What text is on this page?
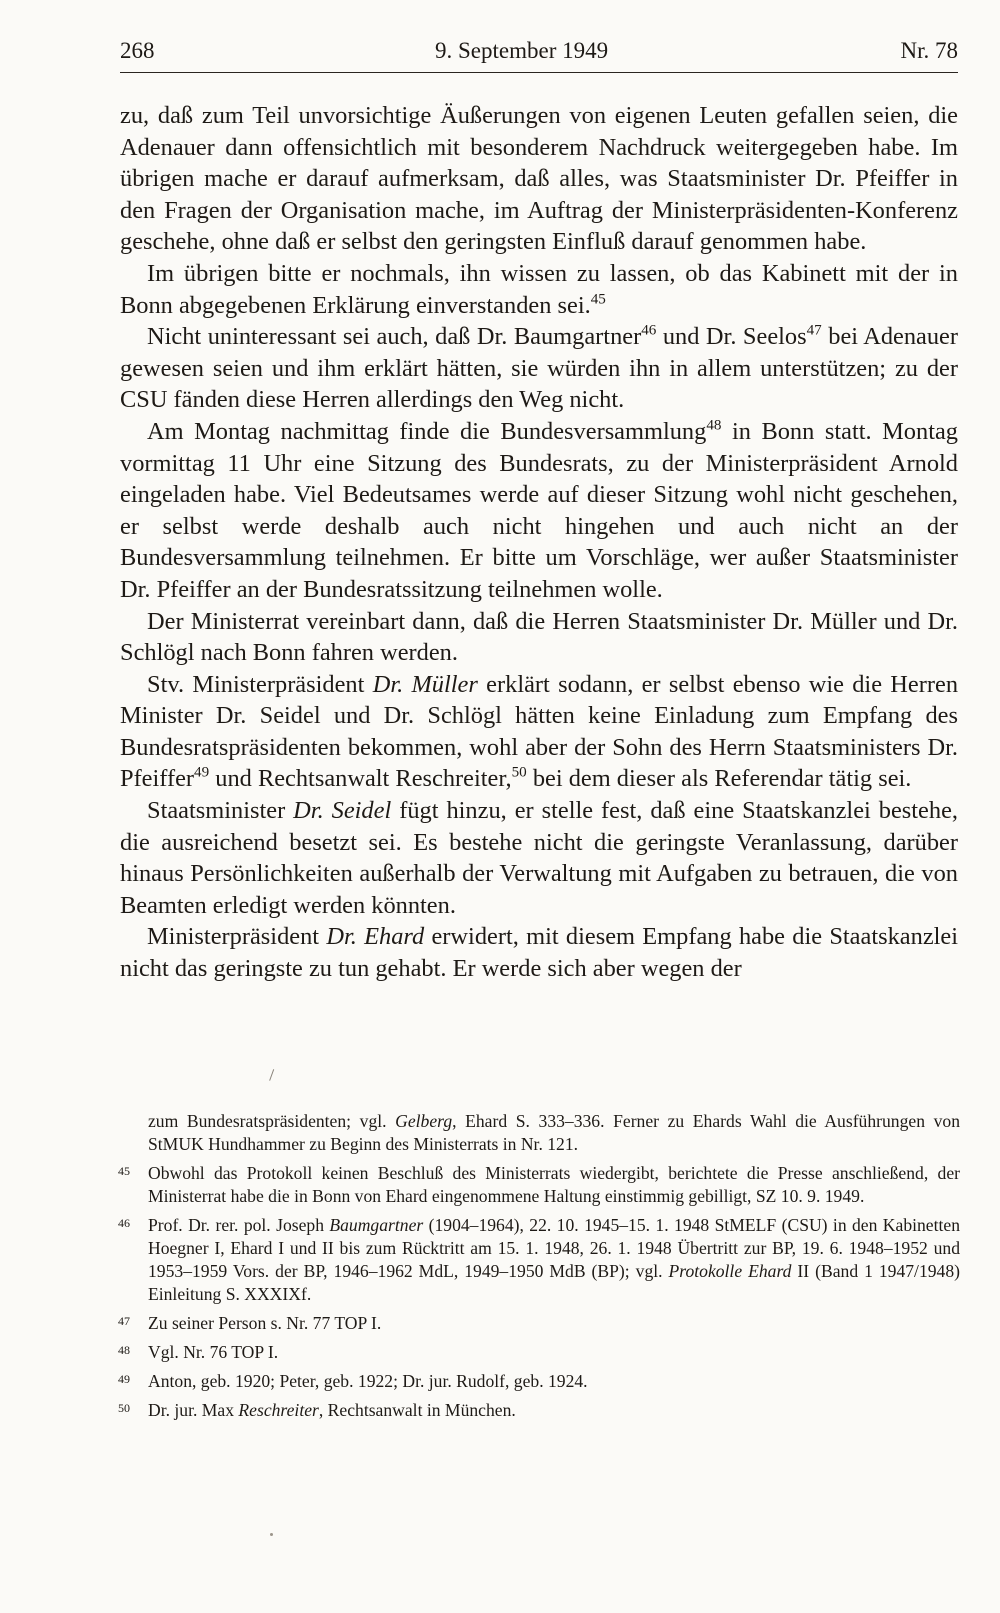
268	9. September 1949	Nr. 78

zu, daß zum Teil unvorsichtige Äußerungen von eigenen Leuten gefallen seien, die Adenauer dann offensichtlich mit besonderem Nachdruck weitergegeben habe. Im übrigen mache er darauf aufmerksam, daß alles, was Staatsminister Dr. Pfeiffer in den Fragen der Organisation mache, im Auftrag der Ministerpräsidenten-Konferenz geschehe, ohne daß er selbst den geringsten Einfluß darauf genommen habe.

Im übrigen bitte er nochmals, ihn wissen zu lassen, ob das Kabinett mit der in Bonn abgegebenen Erklärung einverstanden sei.$^{45}$

Nicht uninteressant sei auch, daß Dr. Baumgartner$^{46}$ und Dr. Seelos$^{47}$ bei Adenauer gewesen seien und ihm erklärt hätten, sie würden ihn in allem unterstützen; zu der CSU fänden diese Herren allerdings den Weg nicht.

Am Montag nachmittag finde die Bundesversammlung$^{48}$ in Bonn statt. Montag vormittag 11 Uhr eine Sitzung des Bundesrats, zu der Ministerpräsident Arnold eingeladen habe. Viel Bedeutsames werde auf dieser Sitzung wohl nicht geschehen, er selbst werde deshalb auch nicht hingehen und auch nicht an der Bundesversammlung teilnehmen. Er bitte um Vorschläge, wer außer Staatsminister Dr. Pfeiffer an der Bundesratssitzung teilnehmen wolle.

Der Ministerrat vereinbart dann, daß die Herren Staatsminister Dr. Müller und Dr. Schlögl nach Bonn fahren werden.

Stv. Ministerpräsident Dr. Müller erklärt sodann, er selbst ebenso wie die Herren Minister Dr. Seidel und Dr. Schlögl hätten keine Einladung zum Empfang des Bundesratspräsidenten bekommen, wohl aber der Sohn des Herrn Staatsministers Dr. Pfeiffer$^{49}$ und Rechtsanwalt Reschreiter,$^{50}$ bei dem dieser als Referendar tätig sei.

Staatsminister Dr. Seidel fügt hinzu, er stelle fest, daß eine Staatskanzlei bestehe, die ausreichend besetzt sei. Es bestehe nicht die geringste Veranlassung, darüber hinaus Persönlichkeiten außerhalb der Verwaltung mit Aufgaben zu betrauen, die von Beamten erledigt werden könnten.

Ministerpräsident Dr. Ehard erwidert, mit diesem Empfang habe die Staatskanzlei nicht das geringste zu tun gehabt. Er werde sich aber wegen der

zum Bundesratspräsidenten; vgl. Gelberg, Ehard S. 333–336. Ferner zu Ehards Wahl die Ausführungen von StMUK Hundhammer zu Beginn des Ministerrats in Nr. 121.
45 Obwohl das Protokoll keinen Beschluß des Ministerrats wiedergibt, berichtete die Presse anschließend, der Ministerrat habe die in Bonn von Ehard eingenommene Haltung einstimmig gebilligt, SZ 10. 9. 1949.
46 Prof. Dr. rer. pol. Joseph Baumgartner (1904–1964), 22. 10. 1945–15. 1. 1948 StMELF (CSU) in den Kabinetten Hoegner I, Ehard I und II bis zum Rücktritt am 15. 1. 1948, 26. 1. 1948 Übertritt zur BP, 19. 6. 1948–1952 und 1953–1959 Vors. der BP, 1946–1962 MdL, 1949–1950 MdB (BP); vgl. Protokolle Ehard II (Band 1 1947/1948) Einleitung S. XXXIXf.
47 Zu seiner Person s. Nr. 77 TOP I.
48 Vgl. Nr. 76 TOP I.
49 Anton, geb. 1920; Peter, geb. 1922; Dr. jur. Rudolf, geb. 1924.
50 Dr. jur. Max Reschreiter, Rechtsanwalt in München.
